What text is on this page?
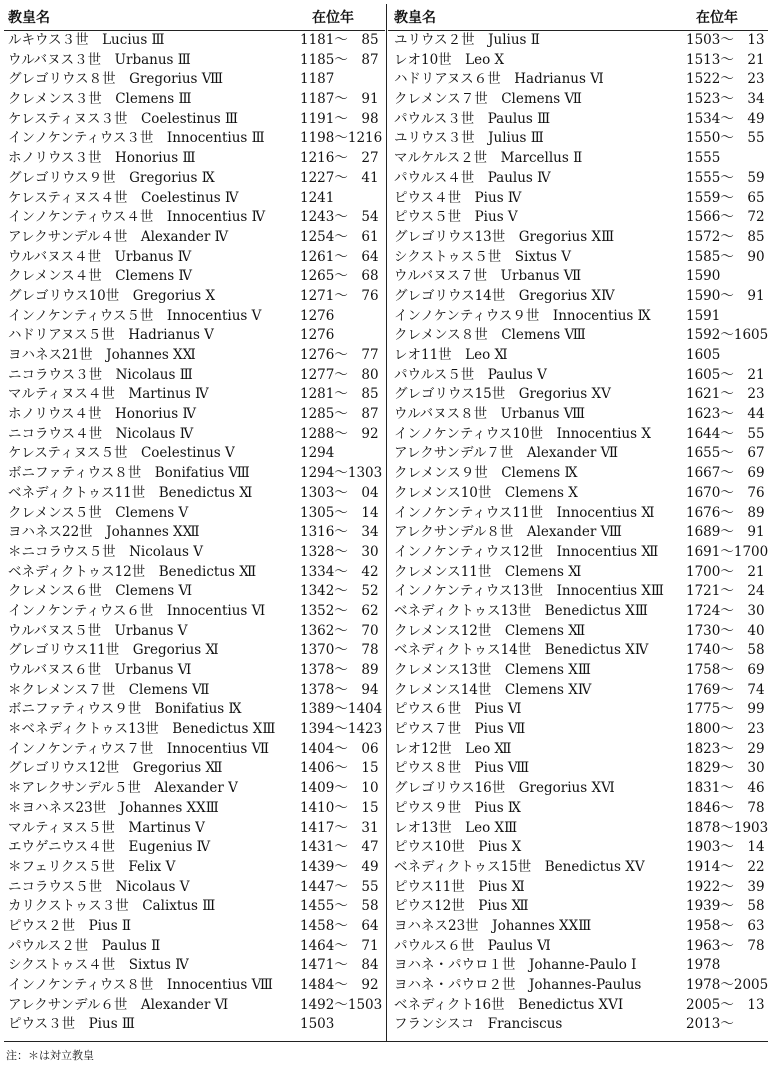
教皇名	在位年
ルキウス３世　Lucius Ⅲ	1181～　85
ウルバヌス３世　Urbanus Ⅲ	1185～　87
グレゴリウス８世　Gregorius Ⅷ	1187
クレメンス３世　Clemens Ⅲ	1187～　91
ケレスティヌス３世　Coelestinus Ⅲ	1191～　98
インノケンティウス３世　Innocentius Ⅲ	1198～1216
ホノリウス３世　Honorius Ⅲ	1216～　27
グレゴリウス９世　Gregorius Ⅸ	1227～　41
ケレスティヌス４世　Coelestinus Ⅳ	1241
インノケンティウス４世　Innocentius Ⅳ	1243～　54
アレクサンデル４世　Alexander Ⅳ	1254～　61
ウルバヌス４世　Urbanus Ⅳ	1261～　64
クレメンス４世　Clemens Ⅳ	1265～　68
グレゴリウス10世　Gregorius Ⅹ	1271～　76
インノケンティウス５世　Innocentius Ⅴ	1276
ハドリアヌス５世　Hadrianus Ⅴ	1276
ヨハネス21世　Johannes ⅩⅪ	1276～　77
ニコラウス３世　Nicolaus Ⅲ	1277～　80
マルティヌス４世　Martinus Ⅳ	1281～　85
ホノリウス４世　Honorius Ⅳ	1285～　87
ニコラウス４世　Nicolaus Ⅳ	1288～　92
ケレスティヌス５世　Coelestinus Ⅴ	1294
ボニファティウス８世　Bonifatius Ⅷ	1294～1303
ベネディクトゥス11世　Benedictus Ⅺ	1303～　04
クレメンス５世　Clemens Ⅴ	1305～　14
ヨハネス22世　Johannes ⅩⅫ	1316～　34
＊ニコラウス５世　Nicolaus Ⅴ	1328～　30
ベネディクトゥス12世　Benedictus Ⅻ	1334～　42
クレメンス６世　Clemens Ⅵ	1342～　52
インノケンティウス６世　Innocentius Ⅵ	1352～　62
ウルバヌス５世　Urbanus Ⅴ	1362～　70
グレゴリウス11世　Gregorius Ⅺ	1370～　78
ウルバヌス６世　Urbanus Ⅵ	1378～　89
＊クレメンス７世　Clemens Ⅶ	1378～　94
ボニファティウス９世　Bonifatius Ⅸ	1389～1404
＊ベネディクトゥス13世　Benedictus ⅩⅢ 1394～1423
インノケンティウス７世　Innocentius Ⅶ 1404～　06
グレゴリウス12世　Gregorius Ⅻ	1406～　15
＊アレクサンデル５世　Alexander Ⅴ	1409～　10
＊ヨハネス23世　Johannes ⅩⅩⅢ	1410～　15
マルティヌス５世　Martinus Ⅴ	1417～　31
エウゲニウス４世　Eugenius Ⅳ	1431～　47
＊フェリクス５世　Felix Ⅴ	1439～　49
ニコラウス５世　Nicolaus Ⅴ	1447～　55
カリクストゥス３世　Calixtus Ⅲ	1455～　58
ピウス２世　Pius Ⅱ	1458～　64
パウルス２世　Paulus Ⅱ	1464～　71
シクストゥス４世　Sixtus Ⅳ	1471～　84
インノケンティウス８世　Innocentius Ⅷ 1484～　92
アレクサンデル６世　Alexander Ⅵ	1492～1503
ピウス３世　Pius Ⅲ	1503
教皇名	在位年
ユリウス２世　Julius Ⅱ	1503～　13
レオ10世　Leo Ⅹ	1513～　21
ハドリアヌス６世　Hadrianus Ⅵ	1522～　23
クレメンス７世　Clemens Ⅶ	1523～　34
パウルス３世　Paulus Ⅲ	1534～　49
ユリウス３世　Julius Ⅲ	1550～　55
マルケルス２世　Marcellus Ⅱ	1555
パウルス４世　Paulus Ⅳ	1555～　59
ピウス４世　Pius Ⅳ	1559～　65
ピウス５世　Pius Ⅴ	1566～　72
グレゴリウス13世　Gregorius ⅩⅢ	1572～　85
シクストゥス５世　Sixtus Ⅴ	1585～　90
ウルバヌス７世　Urbanus Ⅶ	1590
グレゴリウス14世　Gregorius ⅩⅣ	1590～　91
インノケンティウス９世　Innocentius Ⅸ	1591
クレメンス８世　Clemens Ⅷ	1592～1605
レオ11世　Leo Ⅺ	1605
パウルス５世　Paulus Ⅴ	1605～　21
グレゴリウス15世　Gregorius ⅩⅤ	1621～　23
ウルバヌス８世　Urbanus Ⅷ	1623～　44
インノケンティウス10世　Innocentius Ⅹ	1644～　55
アレクサンデル７世　Alexander Ⅶ	1655～　67
クレメンス９世　Clemens Ⅸ	1667～　69
クレメンス10世　Clemens Ⅹ	1670～　76
インノケンティウス11世　Innocentius Ⅺ 1676～　89
アレクサンデル８世　Alexander Ⅷ	1689～　91
インノケンティウス12世　Innocentius Ⅻ 1691～1700
クレメンス11世　Clemens Ⅺ	1700～　21
インノケンティウス13世　Innocentius ⅩⅢ 1721～　24
ベネディクトゥス13世　Benedictus ⅩⅢ	1724～　30
クレメンス12世　Clemens Ⅻ	1730～　40
ベネディクトゥス14世　Benedictus ⅩⅣ	1740～　58
クレメンス13世　Clemens ⅩⅢ	1758～　69
クレメンス14世　Clemens ⅩⅣ	1769～　74
ピウス６世　Pius Ⅵ	1775～　99
ピウス７世　Pius Ⅶ	1800～　23
レオ12世　Leo Ⅻ	1823～　29
ピウス８世　Pius Ⅷ	1829～　30
グレゴリウス16世　Gregorius ⅩⅥ	1831～　46
ピウス９世　Pius Ⅸ	1846～　78
レオ13世　Leo ⅩⅢ	1878～1903
ピウス10世　Pius Ⅹ	1903～　14
ベネディクトゥス15世　Benedictus ⅩⅤ	1914～　22
ピウス11世　Pius Ⅺ	1922～　39
ピウス12世　Pius Ⅻ	1939～　58
ヨハネス23世　Johannes ⅩⅩⅢ	1958～　63
パウルス６世　Paulus Ⅵ	1963～　78
ヨハネ・パウロ１世　Johanne-Paulo Ⅰ	1978
ヨハネ・パウロ２世　Johannes-Paulus	1978～2005
ベネディクト16世　Benedictus XVI	2005～　13
フランシスコ　Franciscus	2013～
注：＊は対立教皇
